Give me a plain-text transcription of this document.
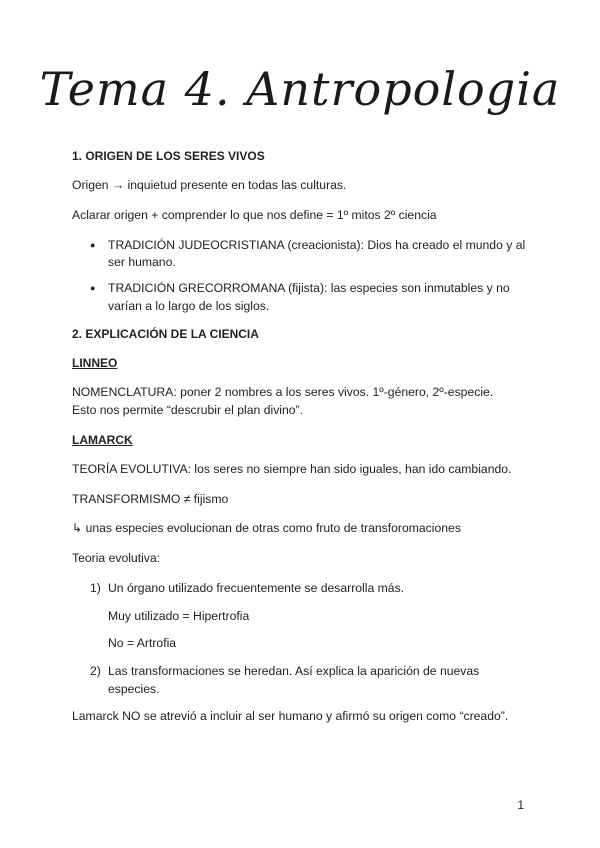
Tema 4. Antropologia
1. ORIGEN DE LOS SERES VIVOS

Origen → inquietud presente en todas las culturas.

Aclarar origen + comprender lo que nos define = 1º mitos 2º ciencia

● TRADICIÓN JUDEOCRISTIANA (creacionista): Dios ha creado el mundo y al ser humano.
● TRADICIÓN GRECORROMANA (fijista): las especies son inmutables y no varían a lo largo de los siglos.
2. EXPLICACIÓN DE LA CIENCIA
LINNEO

NOMENCLATURA: poner 2 nombres a los seres vivos. 1º-género, 2º-especie.
Esto nos permite “descrubir el plan divino”.

LAMARCK

TEORÍA EVOLUTIVA: los seres no siempre han sido iguales, han ido cambiando.

TRANSFORMISMO ≠ fijismo

↳ unas especies evolucionan de otras como fruto de transforomaciones

Teoria evolutiva:

1) Un órgano utilizado frecuentemente se desarrolla más.

Muy utilizado = Hipertrofia

No = Artrofia

2) Las transformaciones se heredan. Así explica la aparición de nuevas especies.

Lamarck NO se atrevió a incluir al ser humano y afirmó su origen como “creado”.

1
